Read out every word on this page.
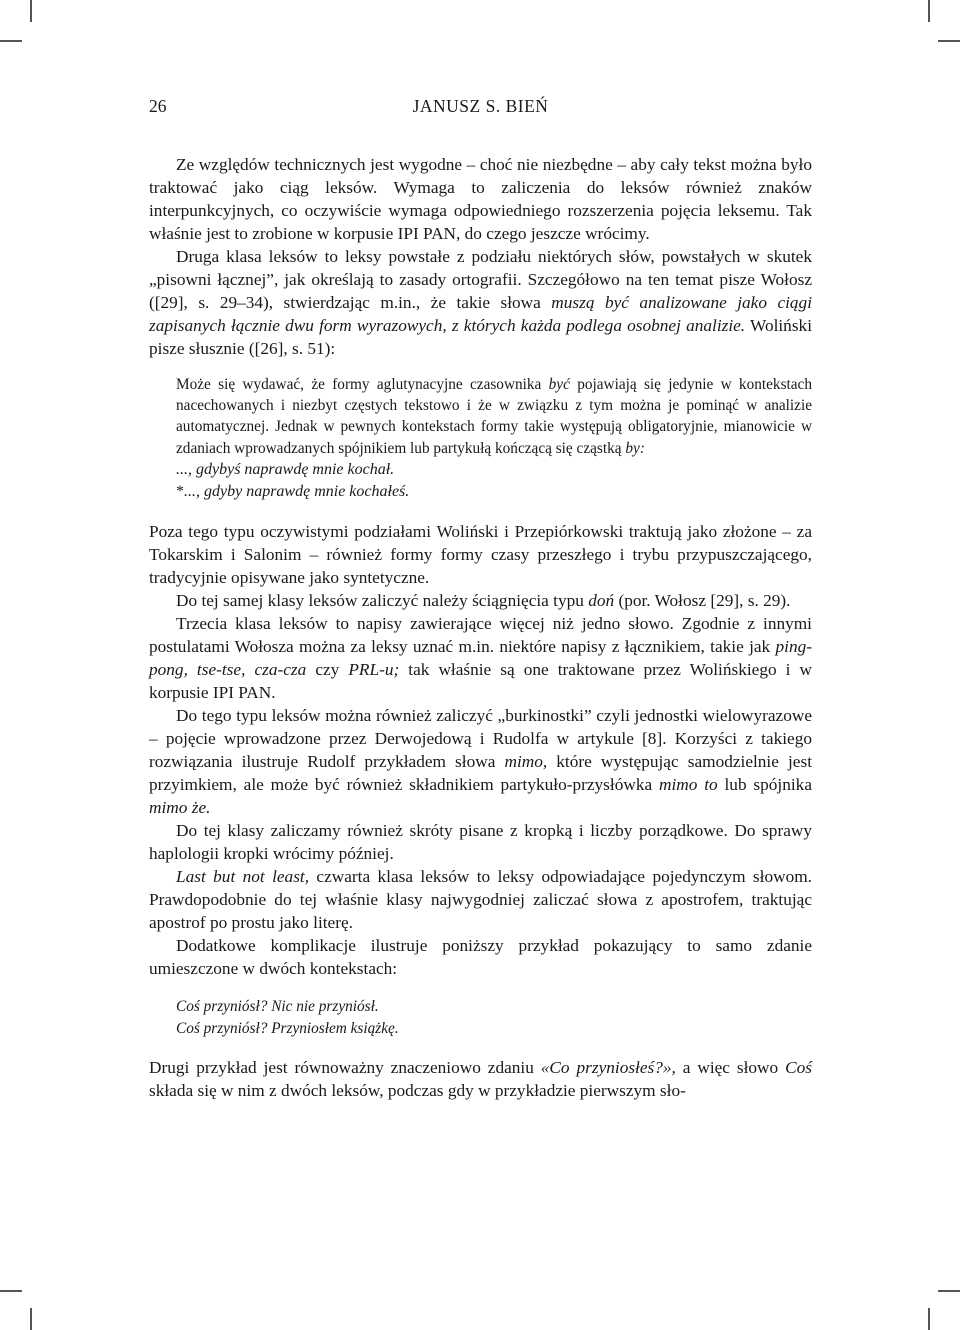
26	JANUSZ S. BIEŃ

Ze względów technicznych jest wygodne – choć nie niezbędne – aby cały tekst można było traktować jako ciąg leksów. Wymaga to zaliczenia do leksów również znaków interpunkcyjnych, co oczywiście wymaga odpowiedniego rozszerzenia pojęcia leksemu. Tak właśnie jest to zrobione w korpusie IPI PAN, do czego jeszcze wrócimy.

Druga klasa leksów to leksy powstałe z podziału niektórych słów, powstałych w skutek „pisowni łącznej”, jak określają to zasady ortografii. Szczegółowo na ten temat pisze Wołosz ([29], s. 29–34), stwierdzając m.in., że takie słowa muszą być analizowane jako ciągi zapisanych łącznie dwu form wyrazowych, z których każda podlega osobnej analizie. Woliński pisze słusznie ([26], s. 51):

Może się wydawać, że formy aglutynacyjne czasownika być pojawiają się jedynie w kontekstach nacechowanych i niezbyt częstych tekstowo i że w związku z tym można je pominąć w analizie automatycznej. Jednak w pewnych kontekstach formy takie występują obligatoryjnie, mianowicie w zdaniach wprowadzanych spójnikiem lub partykułą kończącą się cząstką by:

..., gdybyś naprawdę mnie kochał.

*..., gdyby naprawdę mnie kochałeś.

Poza tego typu oczywistymi podziałami Woliński i Przepiórkowski traktują jako złożone – za Tokarskim i Salonim – również formy formy czasy przeszłego i trybu przypuszczającego, tradycyjnie opisywane jako syntetyczne.

Do tej samej klasy leksów zaliczyć należy ściągnięcia typu doń (por. Wołosz [29], s. 29).

Trzecia klasa leksów to napisy zawierające więcej niż jedno słowo. Zgodnie z innymi postulatami Wołosza można za leksy uznać m.in. niektóre napisy z łącznikiem, takie jak ping-pong, tse-tse, cza-cza czy PRL-u; tak właśnie są one traktowane przez Wolińskiego i w korpusie IPI PAN.

Do tego typu leksów można również zaliczyć „burkinostki” czyli jednostki wielowyrazowe – pojęcie wprowadzone przez Derwojedową i Rudolfa w artykule [8]. Korzyści z takiego rozwiązania ilustruje Rudolf przykładem słowa mimo, które występując samodzielnie jest przyimkiem, ale może być również składnikiem partykuło-przysłówka mimo to lub spójnika mimo że.

Do tej klasy zaliczamy również skróty pisane z kropką i liczby porządkowe. Do sprawy haplologii kropki wrócimy później.

Last but not least, czwarta klasa leksów to leksy odpowiadające pojedynczym słowom. Prawdopodobnie do tej właśnie klasy najwygodniej zaliczać słowa z apostrofem, traktując apostrof po prostu jako literę.

Dodatkowe komplikacje ilustruje poniższy przykład pokazujący to samo zdanie umieszczone w dwóch kontekstach:

Coś przyniósł? Nic nie przyniósł.

Coś przyniósł? Przyniosłem książkę.

Drugi przykład jest równoważny znaczeniowo zdaniu «Co przyniosłeś?», a więc słowo Coś składa się w nim z dwóch leksów, podczas gdy w przykładzie pierwszym sło-
